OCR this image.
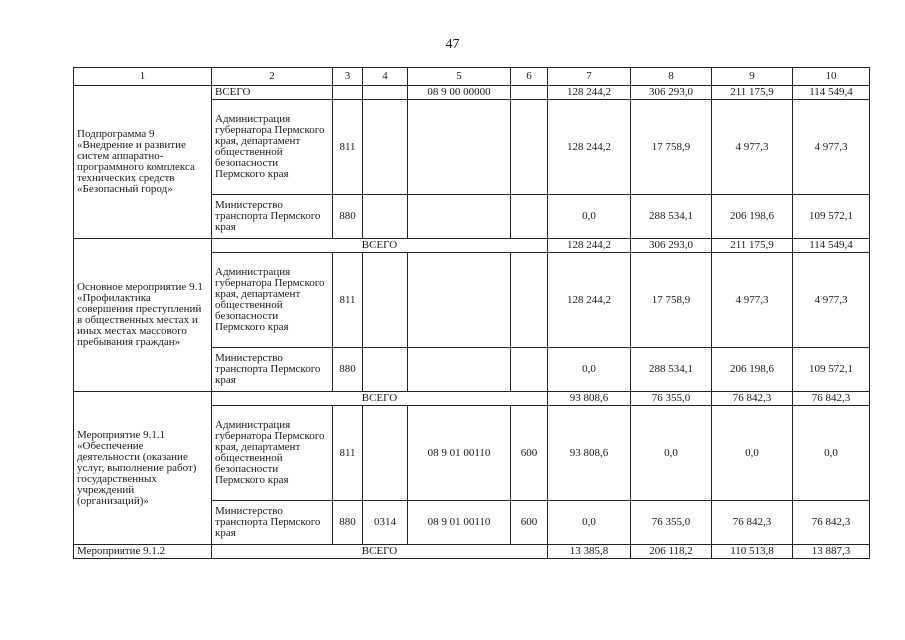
47
1	2	3	4	5	6	7	8	9	10
Подпрограмма 9 «Внедрение и развитие систем аппаратно-программного комплекса технических средств «Безопасный город»	ВСЕГО			08 9 00 00000		128 244,2	306 293,0	211 175,9	114 549,4
	Администрация губернатора Пермского края, департамент общественной безопасности Пермского края	811				128 244,2	17 758,9	4 977,3	4 977,3
	Министерство транспорта Пермского края	880				0,0	288 534,1	206 198,6	109 572,1
Основное мероприятие 9.1 «Профилактика совершения преступлений в общественных местах и иных местах массового пребывания граждан»	ВСЕГО					128 244,2	306 293,0	211 175,9	114 549,4
	Администрация губернатора Пермского края, департамент общественной безопасности Пермского края	811				128 244,2	17 758,9	4 977,3	4 977,3
	Министерство транспорта Пермского края	880				0,0	288 534,1	206 198,6	109 572,1
Мероприятие 9.1.1 «Обеспечение деятельности (оказание услуг, выполнение работ) государственных учреждений (организаций)»	ВСЕГО					93 808,6	76 355,0	76 842,3	76 842,3
	Администрация губернатора Пермского края, департамент общественной безопасности Пермского края	811		08 9 01 00110	600	93 808,6	0,0	0,0	0,0
	Министерство транспорта Пермского края	880	0314	08 9 01 00110	600	0,0	76 355,0	76 842,3	76 842,3
Мероприятие 9.1.2	ВСЕГО					13 385,8	206 118,2	110 513,8	13 887,3
